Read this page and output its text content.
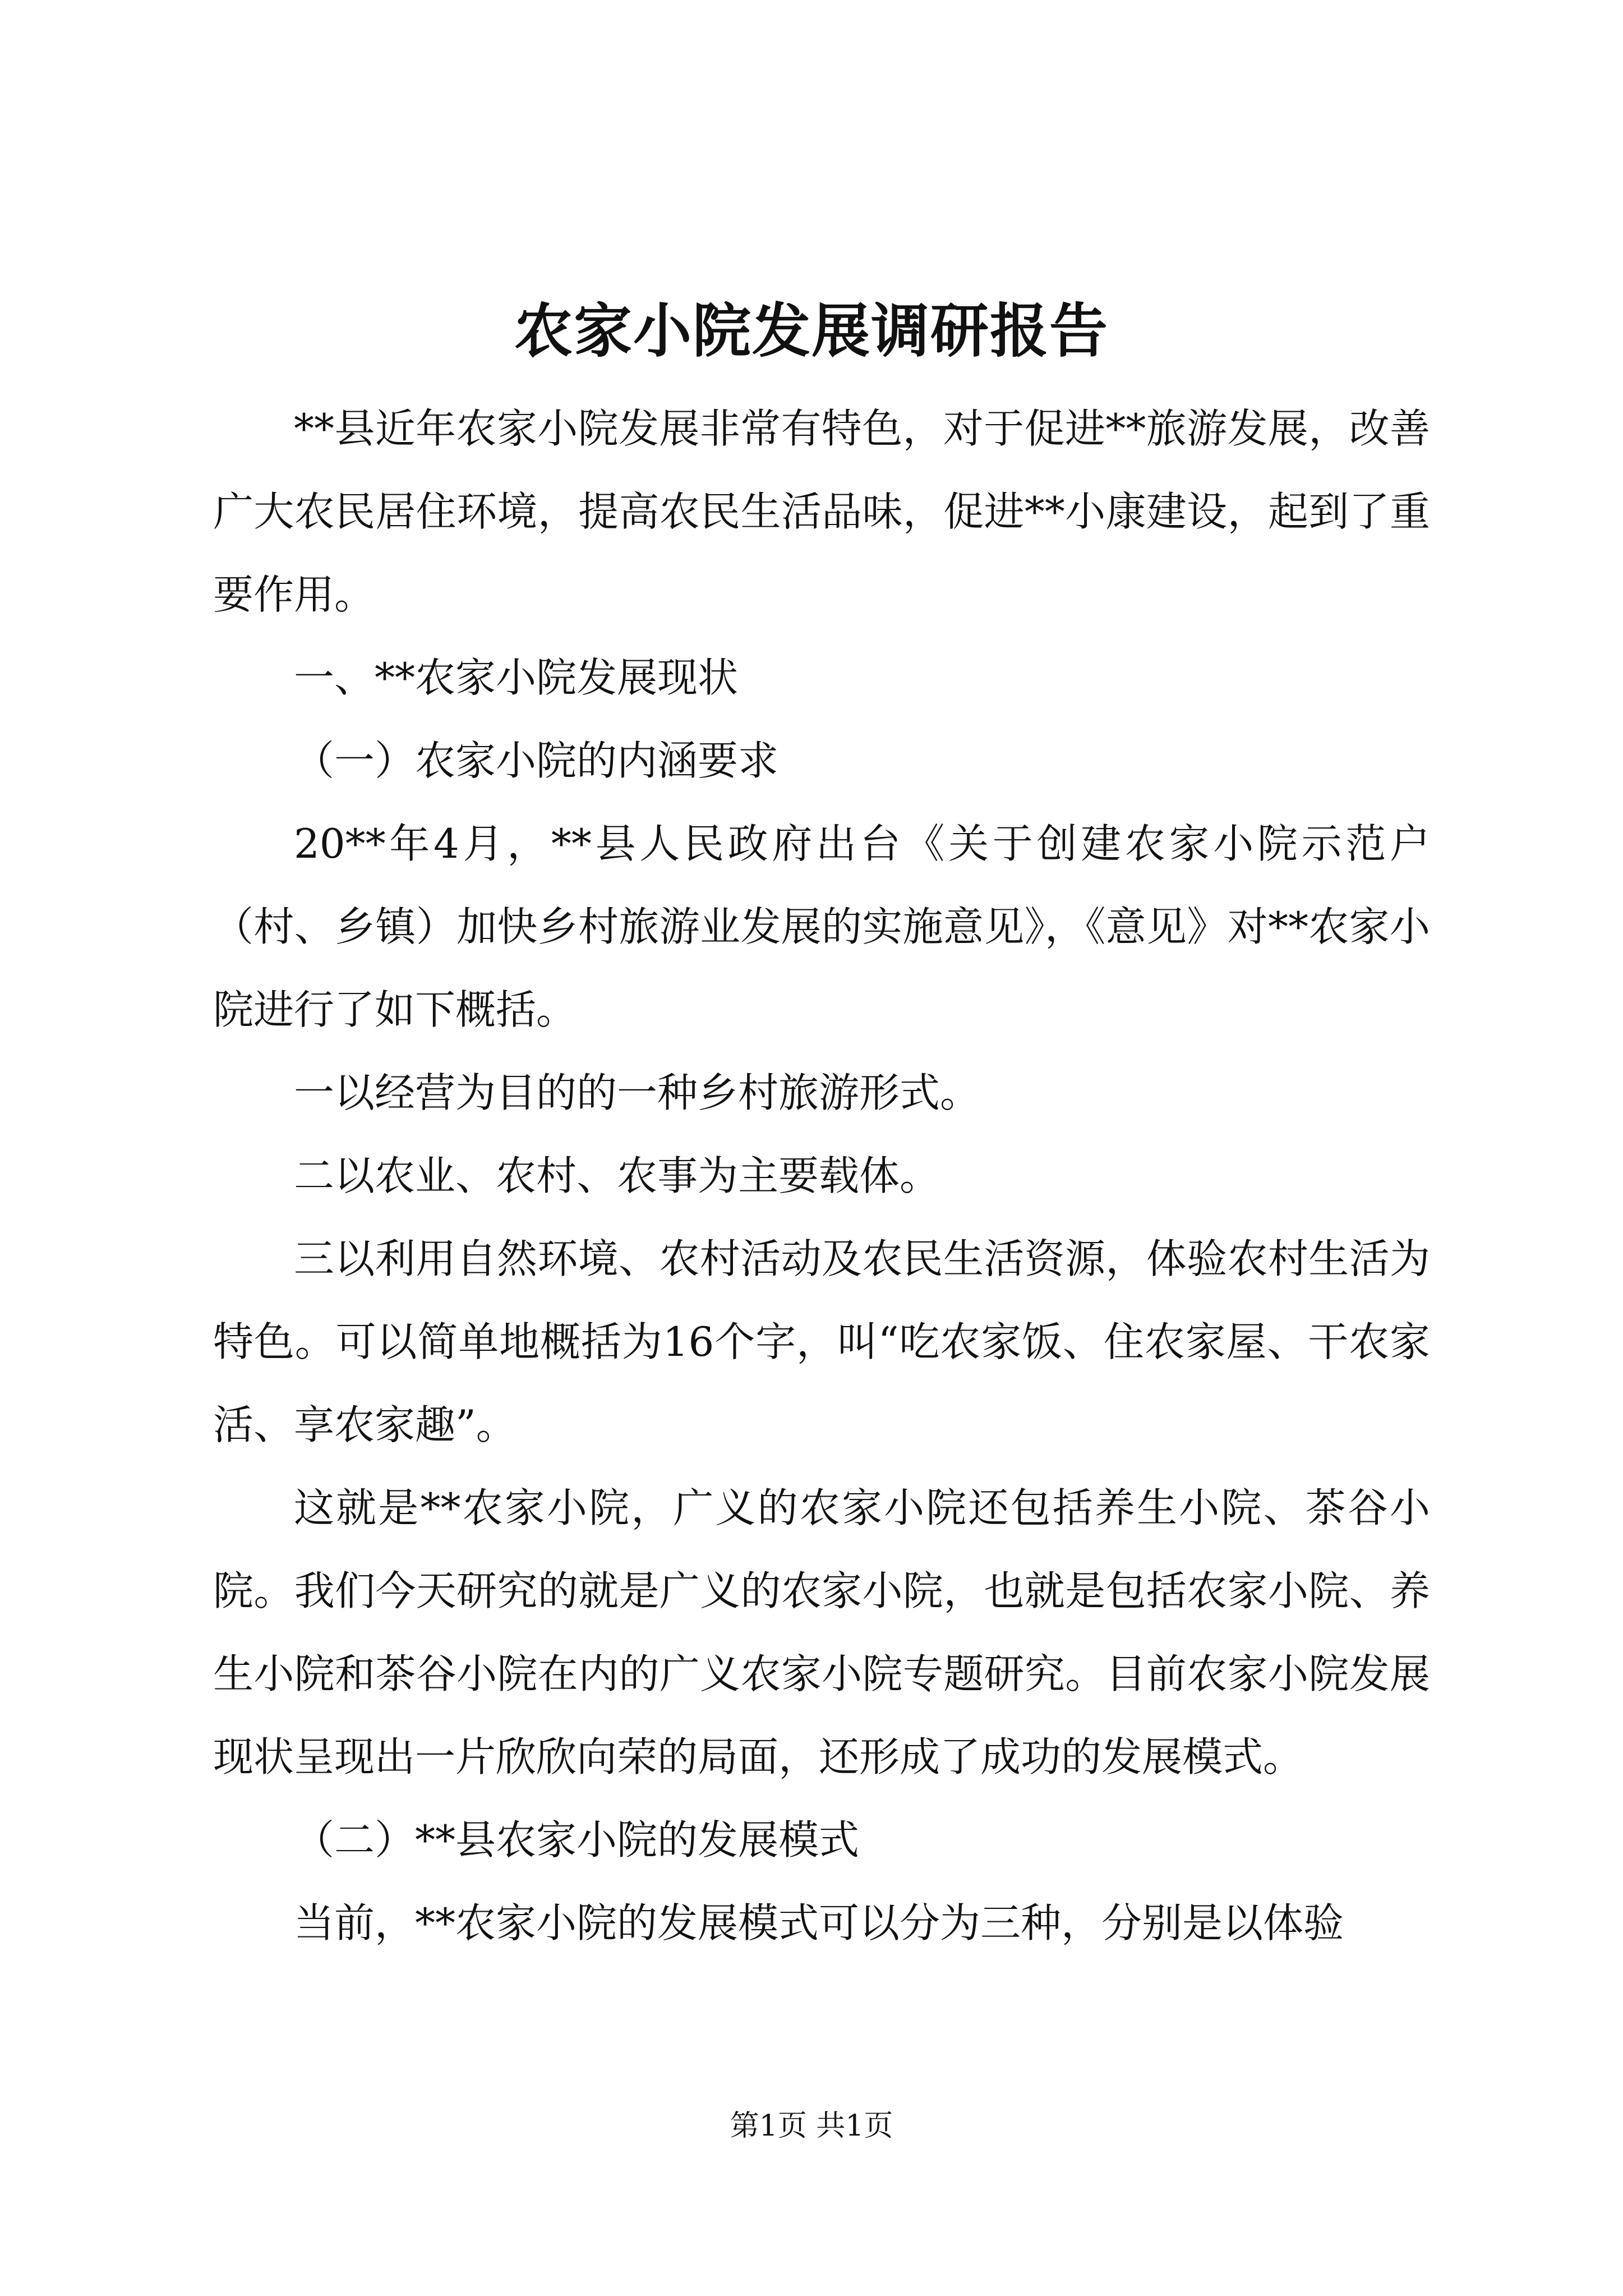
农家小院发展调研报告

**县近年农家小院发展非常有特色，对于促进**旅游发展，改善广大农民居住环境，提高农民生活品味，促进**小康建设，起到了重要作用。

一、**农家小院发展现状

（一）农家小院的内涵要求

20**年4月，**县人民政府出台《关于创建农家小院示范户（村、乡镇）加快乡村旅游业发展的实施意见》，《意见》对**农家小院进行了如下概括。

一以经营为目的的一种乡村旅游形式。

二以农业、农村、农事为主要载体。

三以利用自然环境、农村活动及农民生活资源，体验农村生活为特色。可以简单地概括为16个字，叫“吃农家饭、住农家屋、干农家活、享农家趣”。

这就是**农家小院，广义的农家小院还包括养生小院、茶谷小院。我们今天研究的就是广义的农家小院，也就是包括农家小院、养生小院和茶谷小院在内的广义农家小院专题研究。目前农家小院发展现状呈现出一片欣欣向荣的局面，还形成了成功的发展模式。

（二）**县农家小院的发展模式

当前，**农家小院的发展模式可以分为三种，分别是以体验

第1页 共1页
